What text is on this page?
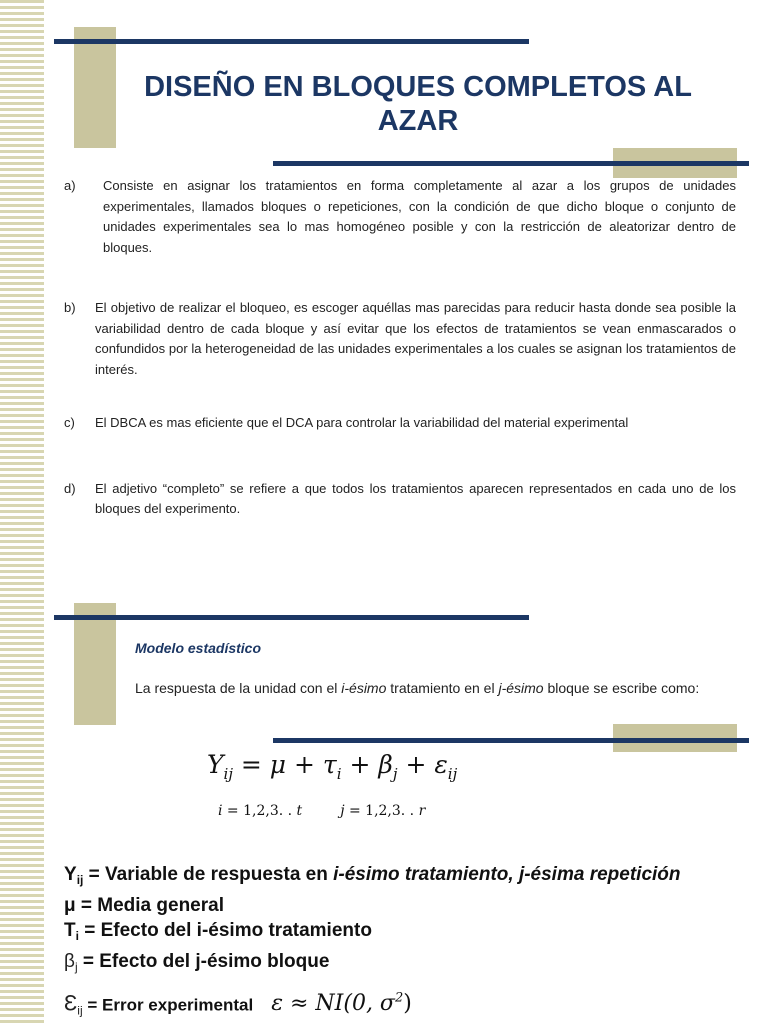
DISEÑO EN BLOQUES COMPLETOS AL AZAR
a)	Consiste en asignar los tratamientos en forma completamente al azar a los grupos de unidades experimentales, llamados bloques o repeticiones, con la condición de que dicho bloque o conjunto de unidades experimentales sea lo mas homogéneo posible y con la restricción de aleatorizar dentro de bloques.
b)	El objetivo de realizar el bloqueo, es escoger aquéllas mas parecidas para reducir hasta donde sea posible la variabilidad dentro de cada bloque y así evitar que los efectos de tratamientos se vean enmascarados o confundidos por la heterogeneidad de las unidades experimentales a los cuales se asignan los tratamientos de interés.
c)	El DBCA es mas eficiente que el DCA para controlar la variabilidad del material experimental
d)	El adjetivo “completo” se refiere a que todos los tratamientos aparecen representados en cada uno de los bloques del experimento.
Modelo estadístico
La respuesta de la unidad con el i-ésimo tratamiento en el j-ésimo bloque se escribe como:
$Y_{ij} = \mu + \tau_i + \beta_j + \varepsilon_{ij}$
i = 1,2,3. . t	j = 1,2,3. . r
$Y_{ij}$ = Variable de respuesta en i-ésimo tratamiento, j-ésima repetición
μ = Media general
$T_i$ = Efecto del i-ésimo tratamiento
$\beta_j$ = Efecto del j-ésimo bloque
$Ɛ_{ij}$ = Error experimental ε ≈ NI(0, $\sigma^2$)
